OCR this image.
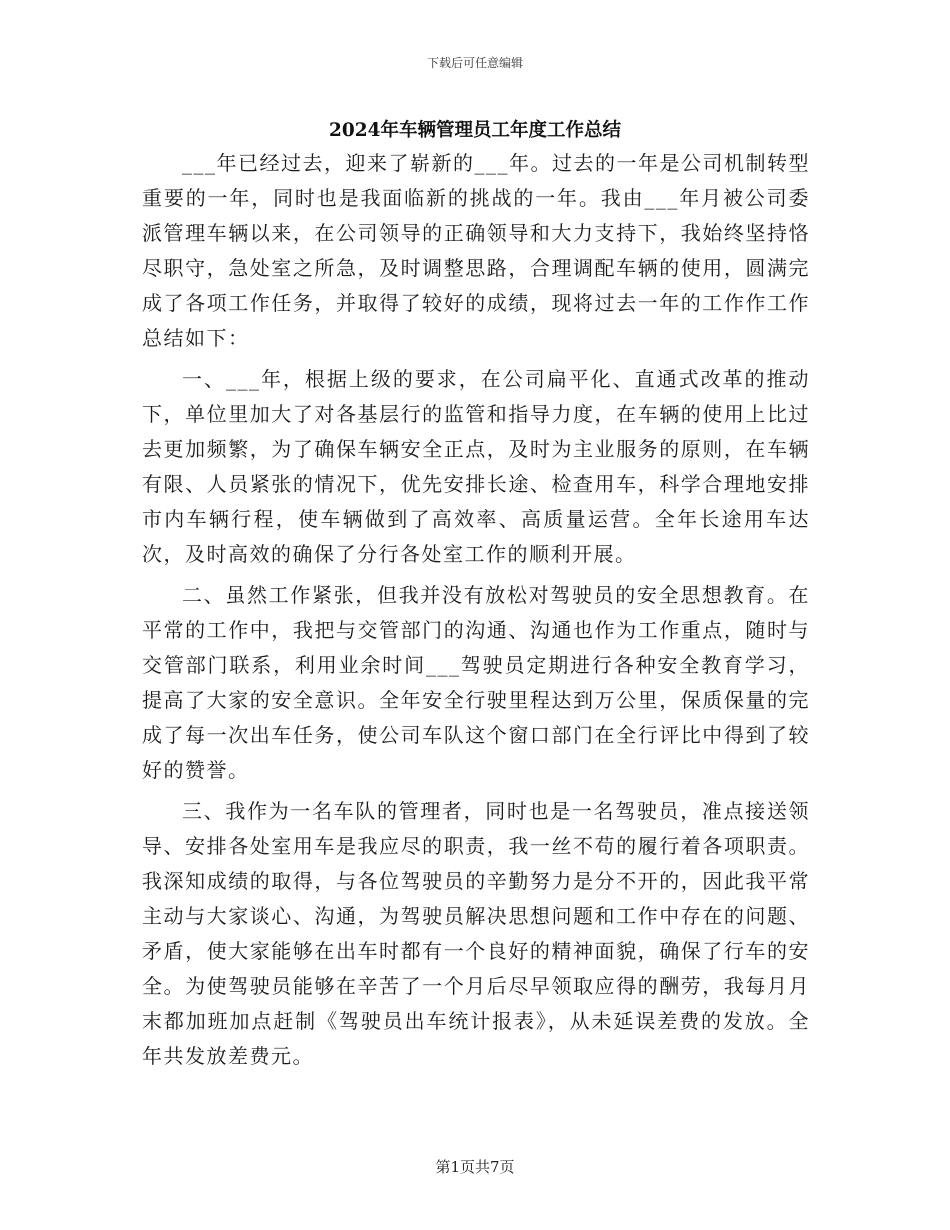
下载后可任意编辑
2024年车辆管理员工年度工作总结

___年已经过去，迎来了崭新的___年。过去的一年是公司机制转型重要的一年，同时也是我面临新的挑战的一年。我由___年月被公司委派管理车辆以来，在公司领导的正确领导和大力支持下，我始终坚持恪尽职守，急处室之所急，及时调整思路，合理调配车辆的使用，圆满完成了各项工作任务，并取得了较好的成绩，现将过去一年的工作作工作总结如下：

一、___年，根据上级的要求，在公司扁平化、直通式改革的推动下，单位里加大了对各基层行的监管和指导力度，在车辆的使用上比过去更加频繁，为了确保车辆安全正点，及时为主业服务的原则，在车辆有限、人员紧张的情况下，优先安排长途、检查用车，科学合理地安排市内车辆行程，使车辆做到了高效率、高质量运营。全年长途用车达次，及时高效的确保了分行各处室工作的顺利开展。

二、虽然工作紧张，但我并没有放松对驾驶员的安全思想教育。在平常的工作中，我把与交管部门的沟通、沟通也作为工作重点，随时与交管部门联系，利用业余时间___驾驶员定期进行各种安全教育学习，提高了大家的安全意识。全年安全行驶里程达到万公里，保质保量的完成了每一次出车任务，使公司车队这个窗口部门在全行评比中得到了较好的赞誉。

三、我作为一名车队的管理者，同时也是一名驾驶员，准点接送领导、安排各处室用车是我应尽的职责，我一丝不苟的履行着各项职责。我深知成绩的取得，与各位驾驶员的辛勤努力是分不开的，因此我平常主动与大家谈心、沟通，为驾驶员解决思想问题和工作中存在的问题、矛盾，使大家能够在出车时都有一个良好的精神面貌，确保了行车的安全。为使驾驶员能够在辛苦了一个月后尽早领取应得的酬劳，我每月月末都加班加点赶制《驾驶员出车统计报表》，从未延误差费的发放。全年共发放差费元。

第1页共7页
